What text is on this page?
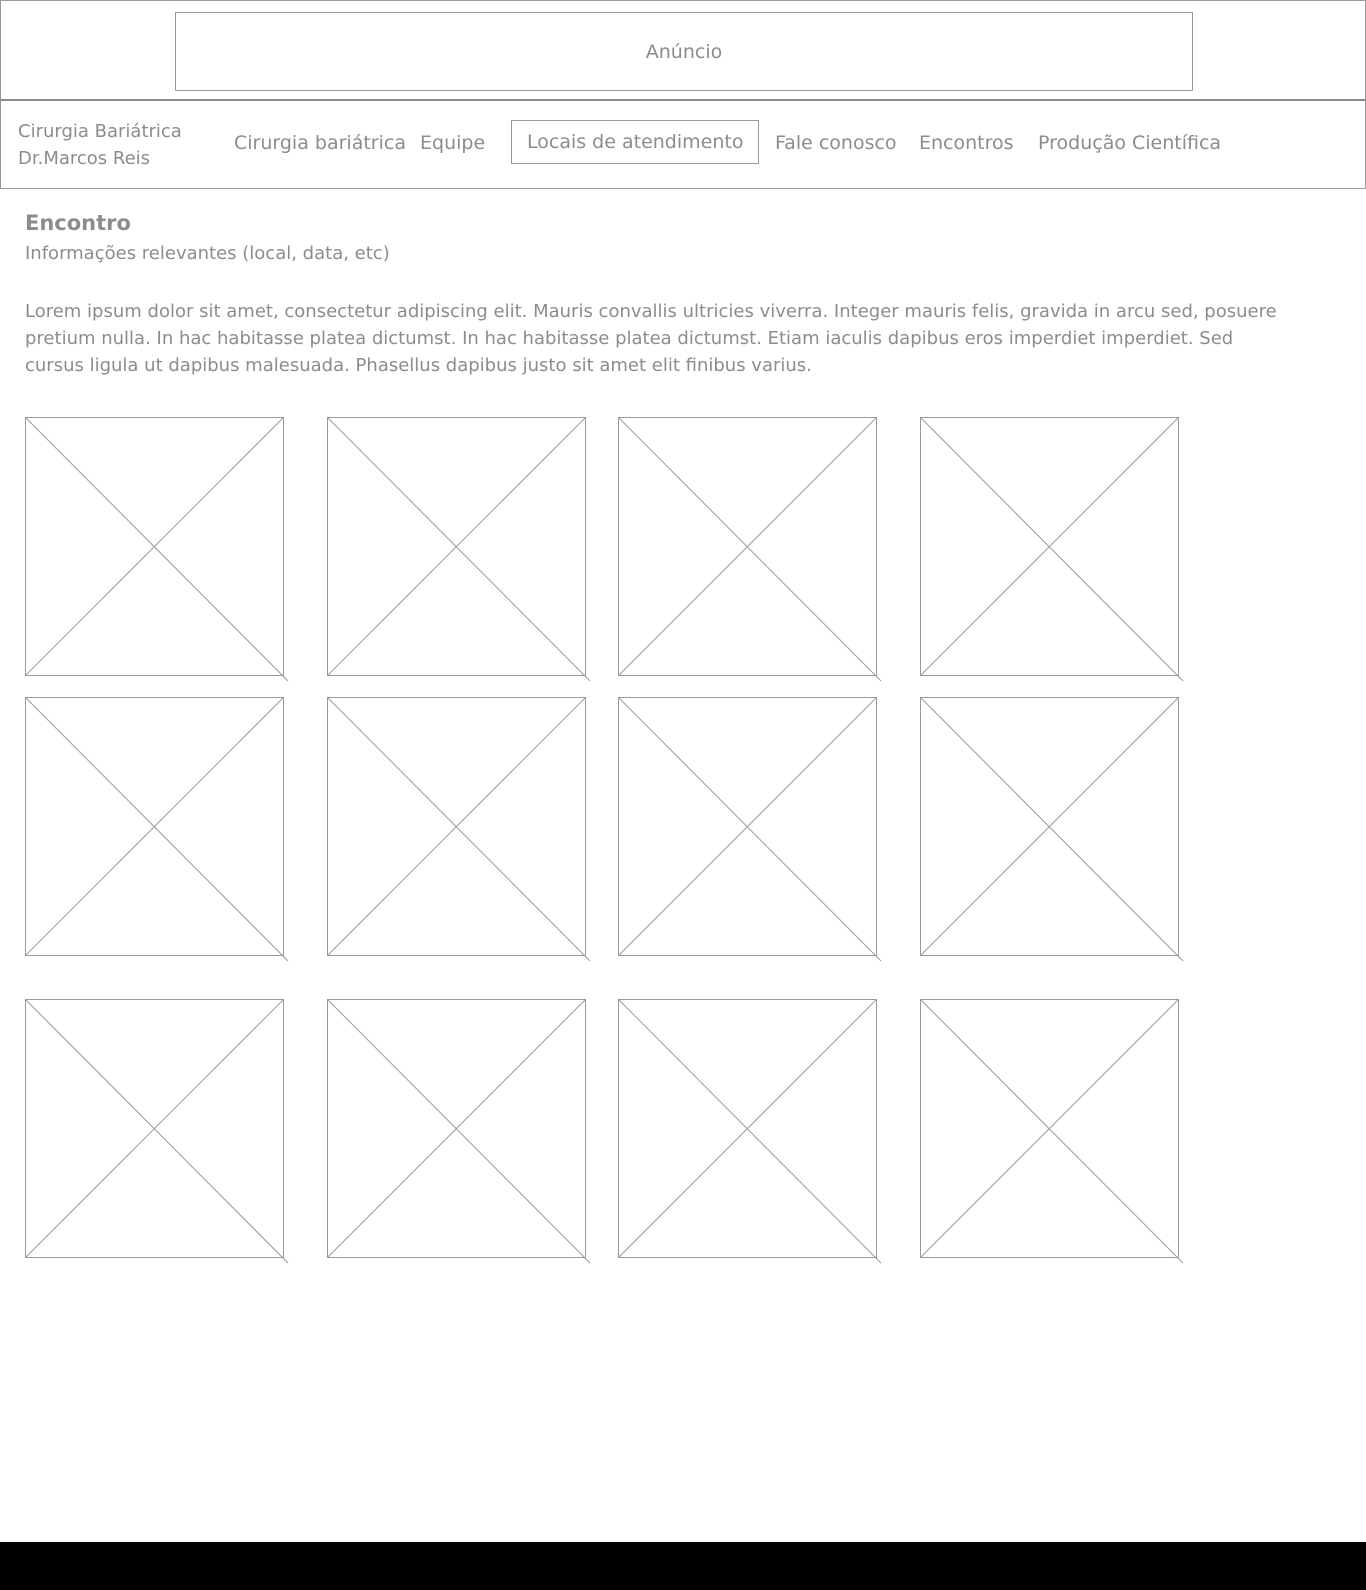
Anúncio
Cirurgia Bariátrica
Dr.Marcos Reis
Cirurgia bariátrica Equipe	Locais de atendimento	Fale conosco Encontros Produção Científica
Encontro
Informações relevantes (local, data, etc)
Lorem ipsum dolor sit amet, consectetur adipiscing elit. Mauris convallis ultricies viverra. Integer mauris felis, gravida in arcu sed, posuere pretium nulla. In hac habitasse platea dictumst. In hac habitasse platea dictumst. Etiam iaculis dapibus eros imperdiet imperdiet. Sed cursus ligula ut dapibus malesuada. Phasellus dapibus justo sit amet elit finibus varius.
